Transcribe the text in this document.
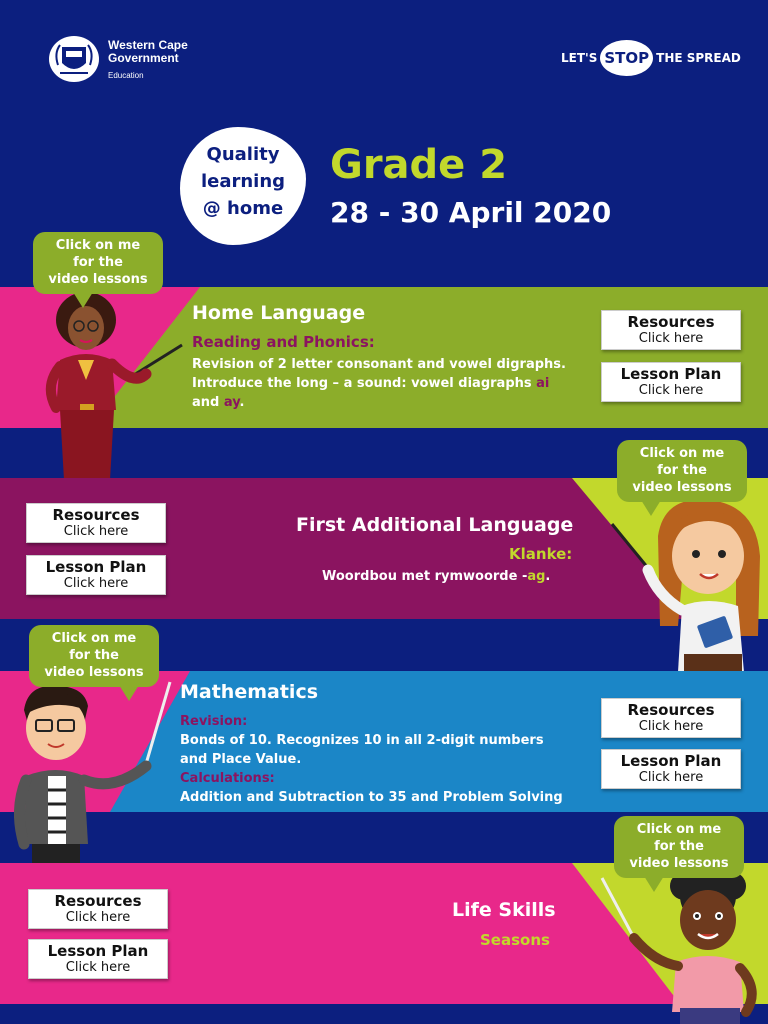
Western Cape
Government
Education
LET'S STOP THE SPREAD
Quality
learning
@ home
Grade 2
28 - 30 April 2020
Home Language
Reading and Phonics:
Revision of 2 letter consonant and vowel digraphs.
Introduce the long – a sound: vowel diagraphs ai
and ay.
Resources
Click here
Lesson Plan
Click here
Click on me
for the
video lessons
First Additional Language
Klanke:
Woordbou met rymwoorde -ag.
Resources
Click here
Lesson Plan
Click here
Click on me
for the
video lessons
Mathematics
Revision:
Bonds of 10. Recognizes 10 in all 2-digit numbers
and Place Value.
Calculations:
Addition and Subtraction to 35 and Problem Solving
Resources
Click here
Lesson Plan
Click here
Click on me
for the
video lessons
Life Skills
Seasons
Resources
Click here
Lesson Plan
Click here
Click on me
for the
video lessons
